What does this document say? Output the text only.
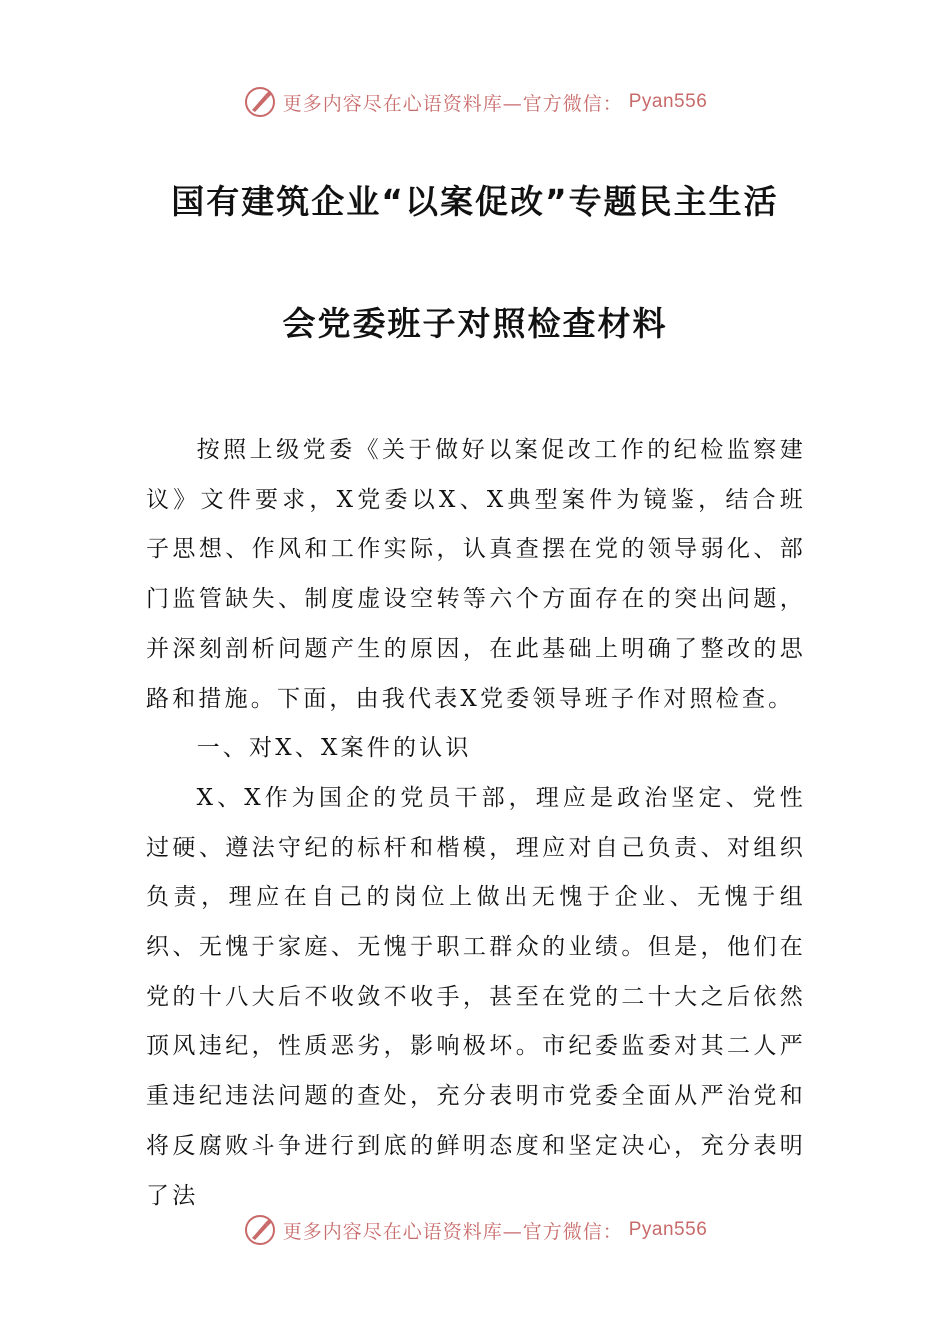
更多内容尽在心语资料库—官方微信： Pyan556
国有建筑企业“以案促改”专题民主生活
会党委班子对照检查材料

按照上级党委《关于做好以案促改工作的纪检监察建议》文件要求，X党委以X、X典型案件为镜鉴，结合班子思想、作风和工作实际，认真查摆在党的领导弱化、部门监管缺失、制度虚设空转等六个方面存在的突出问题，并深刻剖析问题产生的原因，在此基础上明确了整改的思路和措施。下面，由我代表X党委领导班子作对照检查。

一、对X、X案件的认识

X、X作为国企的党员干部，理应是政治坚定、党性过硬、遵法守纪的标杆和楷模，理应对自己负责、对组织负责，理应在自己的岗位上做出无愧于企业、无愧于组织、无愧于家庭、无愧于职工群众的业绩。但是，他们在党的十八大后不收敛不收手，甚至在党的二十大之后依然顶风违纪，性质恶劣，影响极坏。市纪委监委对其二人严重违纪违法问题的查处，充分表明市党委全面从严治党和将反腐败斗争进行到底的鲜明态度和坚定决心，充分表明了法

更多内容尽在心语资料库—官方微信： Pyan556
